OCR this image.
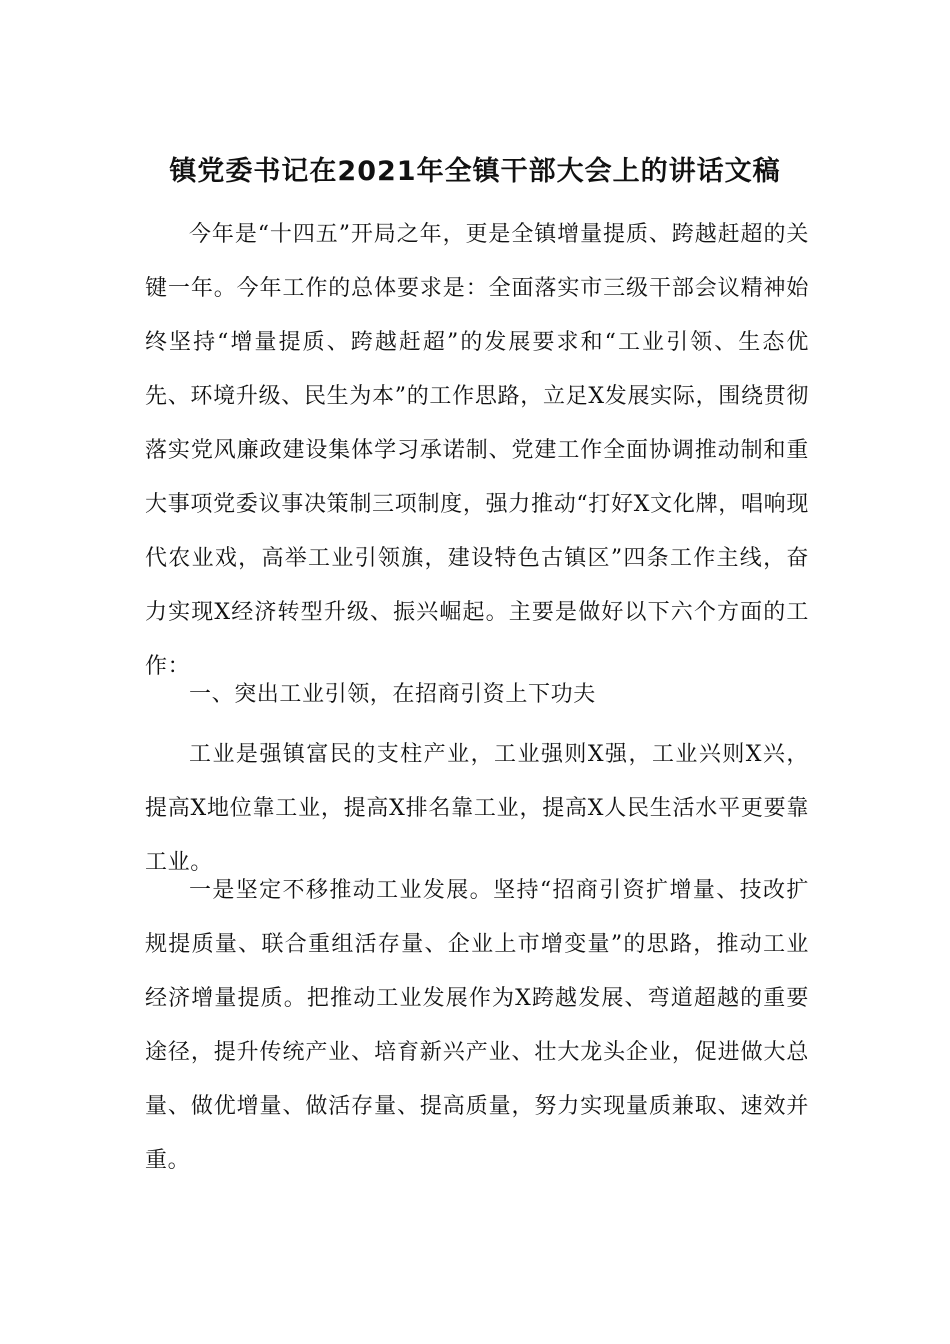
镇党委书记在2021年全镇干部大会上的讲话文稿

今年是“十四五”开局之年，更是全镇增量提质、跨越赶超的关键一年。今年工作的总体要求是：全面落实市三级干部会议精神始终坚持“增量提质、跨越赶超”的发展要求和“工业引领、生态优先、环境升级、民生为本”的工作思路，立足X发展实际，围绕贯彻落实党风廉政建设集体学习承诺制、党建工作全面协调推动制和重大事项党委议事决策制三项制度，强力推动“打好X文化牌，唱响现代农业戏，高举工业引领旗，建设特色古镇区”四条工作主线，奋力实现X经济转型升级、振兴崛起。主要是做好以下六个方面的工作：

一、突出工业引领，在招商引资上下功夫

工业是强镇富民的支柱产业，工业强则X强，工业兴则X兴，提高X地位靠工业，提高X排名靠工业，提高X人民生活水平更要靠工业。

一是坚定不移推动工业发展。坚持“招商引资扩增量、技改扩规提质量、联合重组活存量、企业上市增变量”的思路，推动工业经济增量提质。把推动工业发展作为X跨越发展、弯道超越的重要途径，提升传统产业、培育新兴产业、壮大龙头企业，促进做大总量、做优增量、做活存量、提高质量，努力实现量质兼取、速效并重。
